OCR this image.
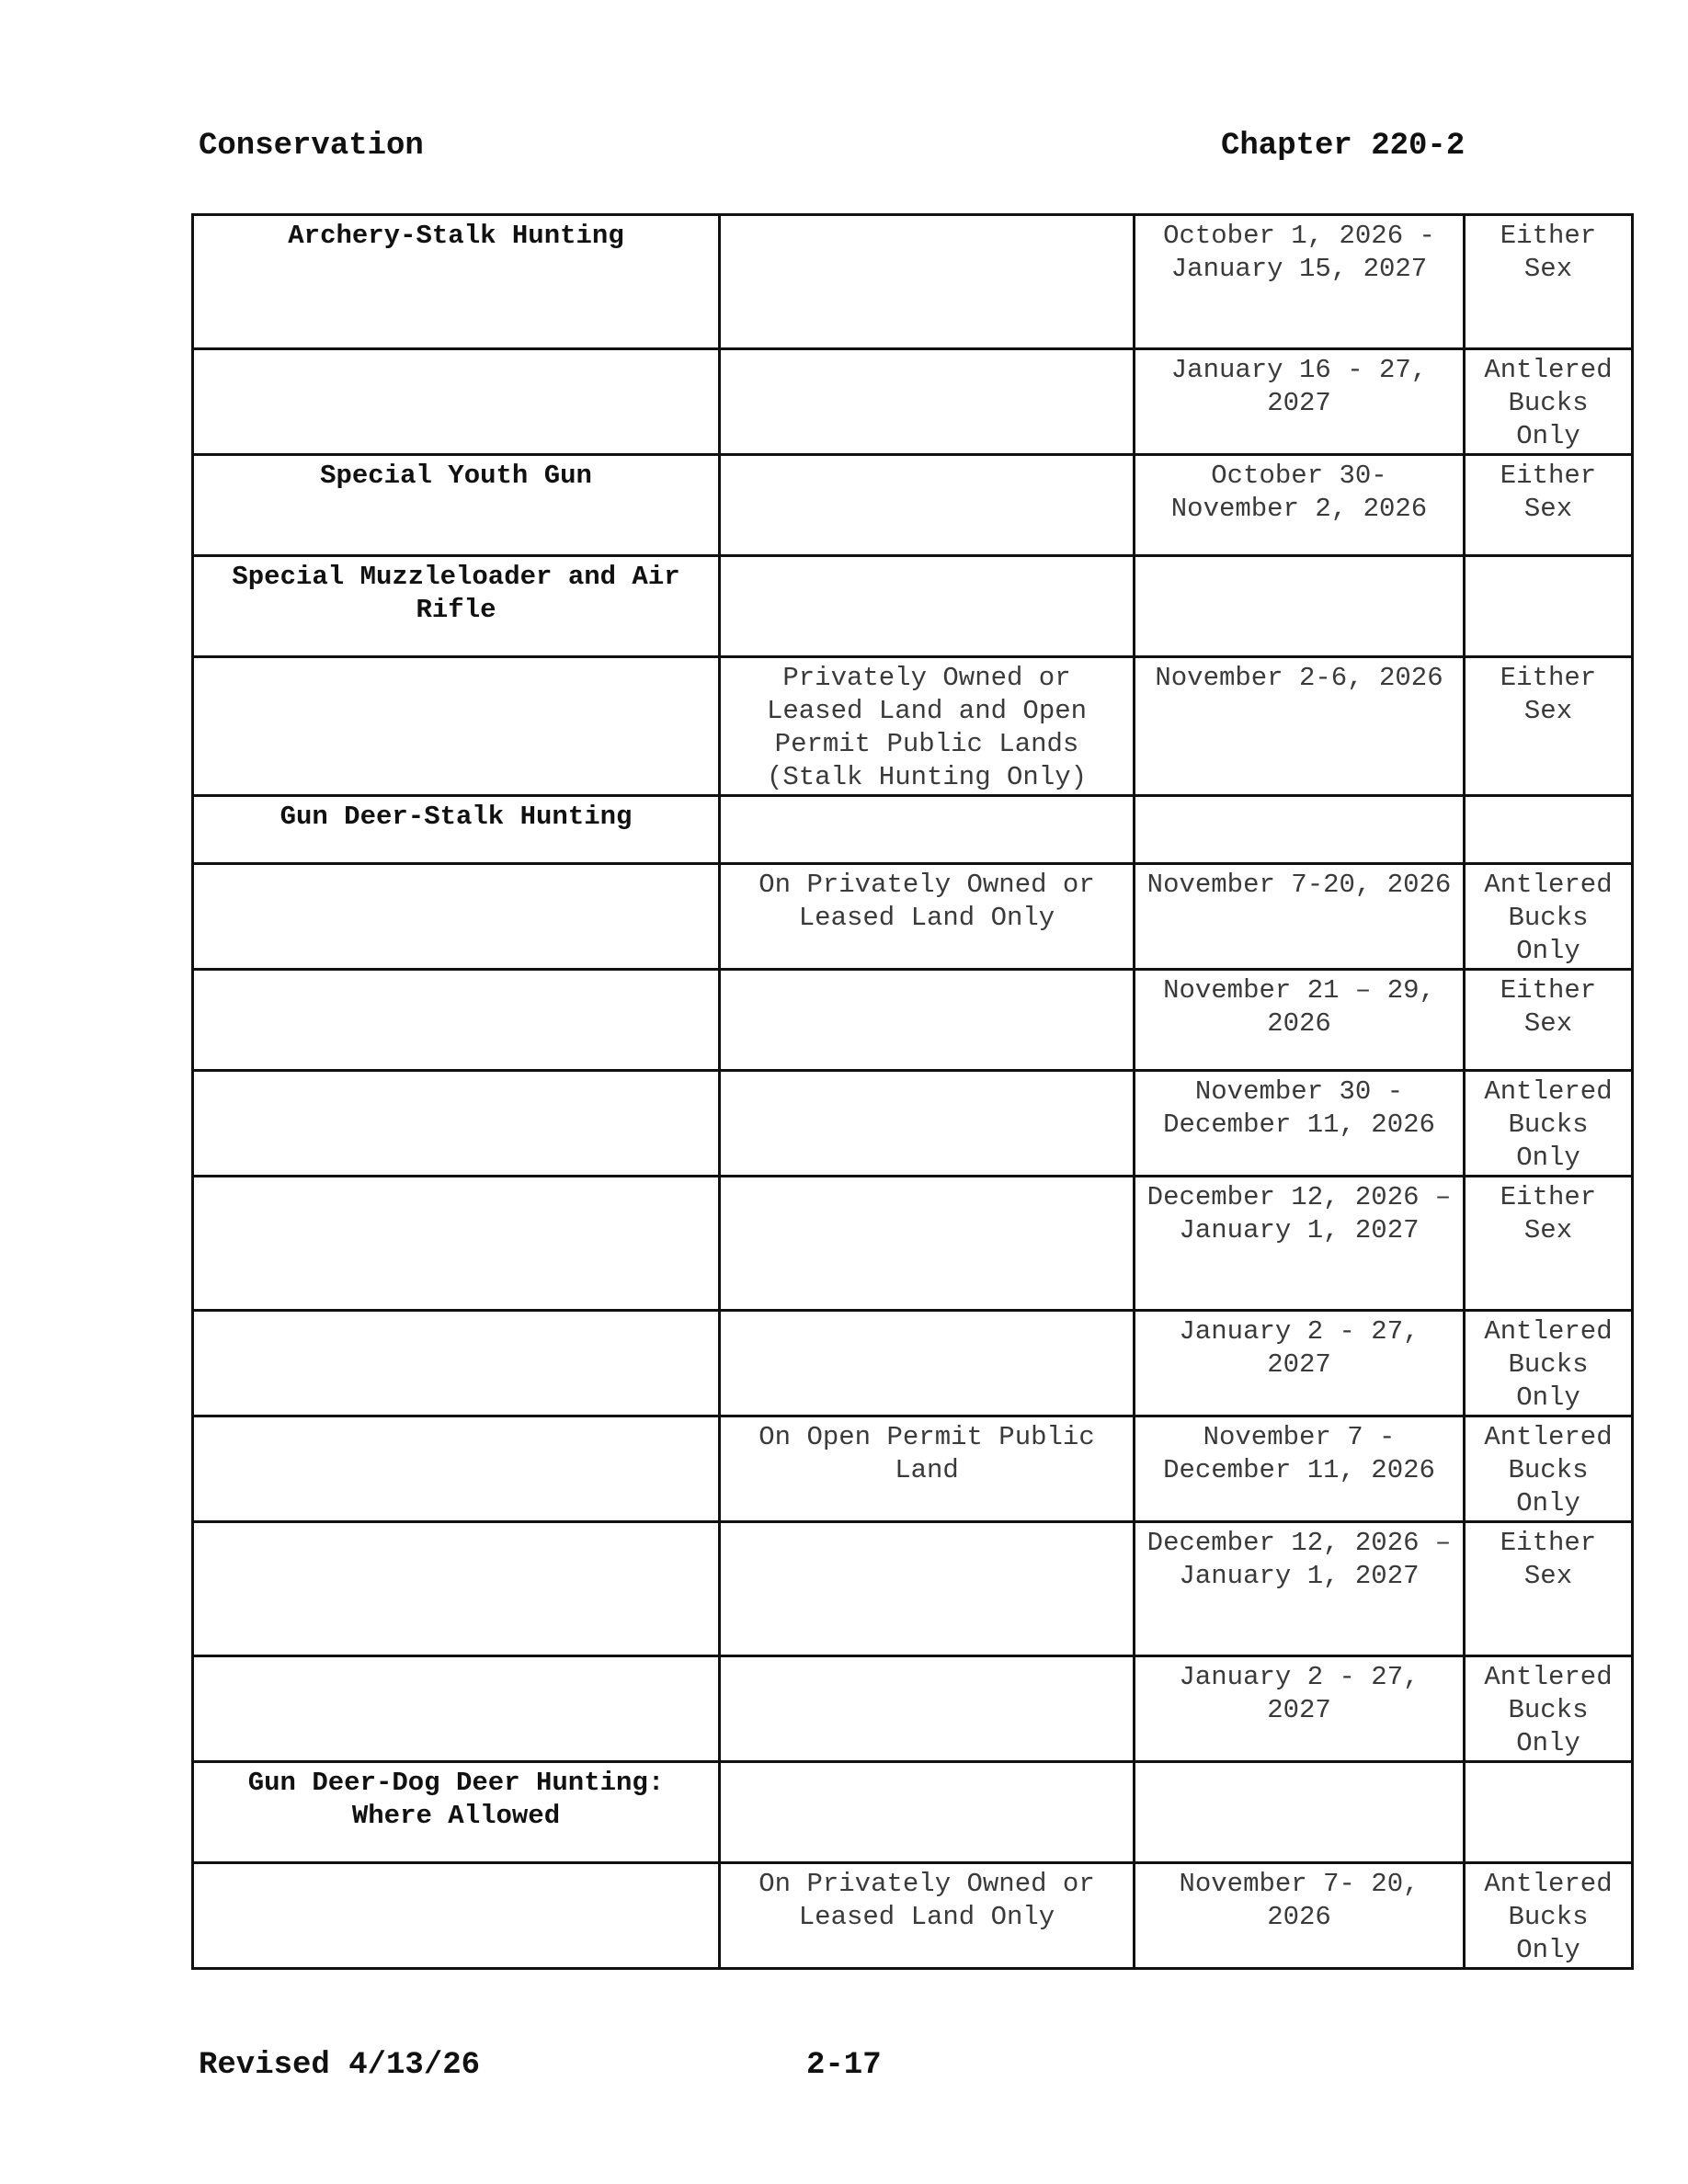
Conservation	Chapter 220-2
Archery-Stalk Hunting		October 1, 2026 - January 15, 2027	Either Sex
		January 16 - 27, 2027	Antlered Bucks Only
Special Youth Gun		October 30- November 2, 2026	Either Sex
Special Muzzleloader and Air Rifle			
	Privately Owned or Leased Land and Open Permit Public Lands (Stalk Hunting Only)	November 2-6, 2026	Either Sex
Gun Deer-Stalk Hunting			
	On Privately Owned or Leased Land Only	November 7-20, 2026	Antlered Bucks Only
		November 21 – 29, 2026	Either Sex
		November 30 - December 11, 2026	Antlered Bucks Only
		December 12, 2026 – January 1, 2027	Either Sex
		January 2 - 27, 2027	Antlered Bucks Only
	On Open Permit Public Land	November 7 - December 11, 2026	Antlered Bucks Only
		December 12, 2026 – January 1, 2027	Either Sex
		January 2 - 27, 2027	Antlered Bucks Only
Gun Deer-Dog Deer Hunting: Where Allowed			
	On Privately Owned or Leased Land Only	November 7- 20, 2026	Antlered Bucks Only
Revised 4/13/26	2-17
